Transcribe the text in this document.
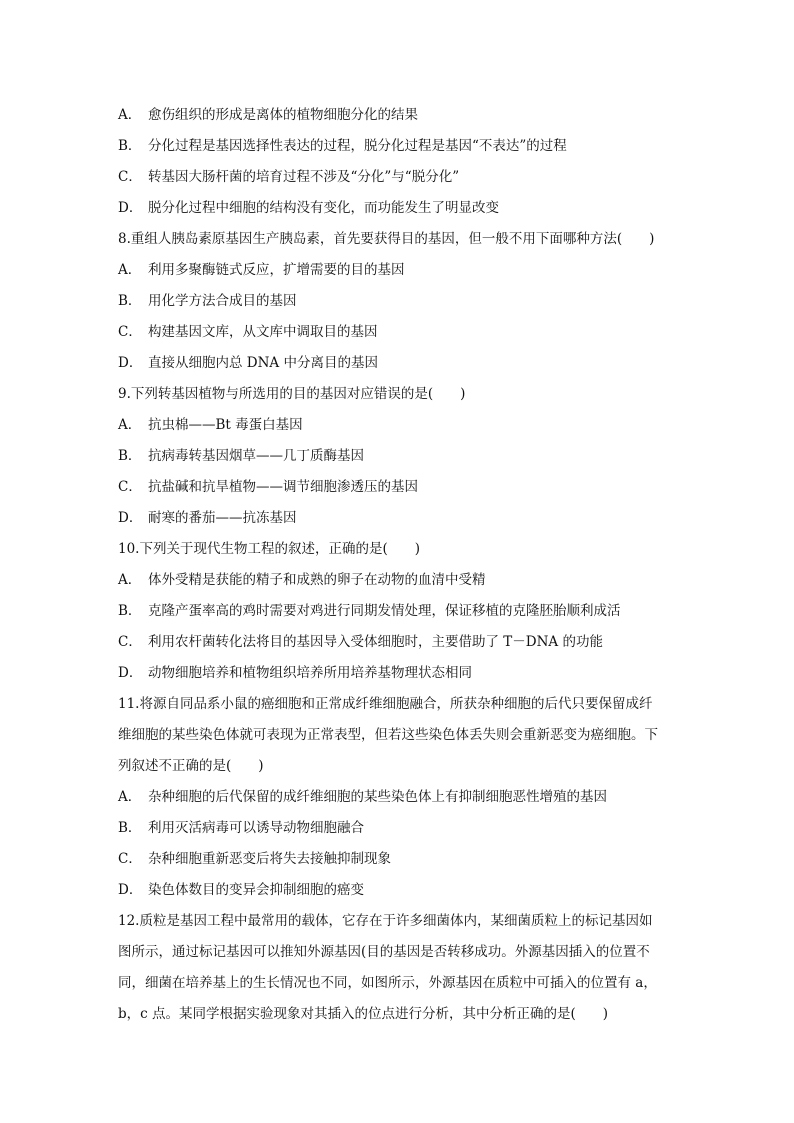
A． 愈伤组织的形成是离体的植物细胞分化的结果
B． 分化过程是基因选择性表达的过程，脱分化过程是基因“不表达”的过程
C． 转基因大肠杆菌的培育过程不涉及“分化”与“脱分化”
D． 脱分化过程中细胞的结构没有变化，而功能发生了明显改变
8.重组人胰岛素原基因生产胰岛素，首先要获得目的基因，但一般不用下面哪种方法(　　)
A． 利用多聚酶链式反应，扩增需要的目的基因
B． 用化学方法合成目的基因
C． 构建基因文库，从文库中调取目的基因
D． 直接从细胞内总 DNA 中分离目的基因
9.下列转基因植物与所选用的目的基因对应错误的是(　　)
A． 抗虫棉——Bt 毒蛋白基因
B． 抗病毒转基因烟草——几丁质酶基因
C． 抗盐碱和抗旱植物——调节细胞渗透压的基因
D． 耐寒的番茄——抗冻基因
10.下列关于现代生物工程的叙述，正确的是(　　)
A． 体外受精是获能的精子和成熟的卵子在动物的血清中受精
B． 克隆产蛋率高的鸡时需要对鸡进行同期发情处理，保证移植的克隆胚胎顺利成活
C． 利用农杆菌转化法将目的基因导入受体细胞时，主要借助了 T－DNA 的功能
D． 动物细胞培养和植物组织培养所用培养基物理状态相同
11.将源自同品系小鼠的癌细胞和正常成纤维细胞融合，所获杂种细胞的后代只要保留成纤
维细胞的某些染色体就可表现为正常表型，但若这些染色体丢失则会重新恶变为癌细胞。下
列叙述不正确的是(　　)
A． 杂种细胞的后代保留的成纤维细胞的某些染色体上有抑制细胞恶性增殖的基因
B． 利用灭活病毒可以诱导动物细胞融合
C． 杂种细胞重新恶变后将失去接触抑制现象
D． 染色体数目的变异会抑制细胞的癌变
12.质粒是基因工程中最常用的载体，它存在于许多细菌体内，某细菌质粒上的标记基因如
图所示，通过标记基因可以推知外源基因(目的基因是否转移成功。外源基因插入的位置不
同，细菌在培养基上的生长情况也不同，如图所示，外源基因在质粒中可插入的位置有 a，
b，c 点。某同学根据实验现象对其插入的位点进行分析，其中分析正确的是(　　)
